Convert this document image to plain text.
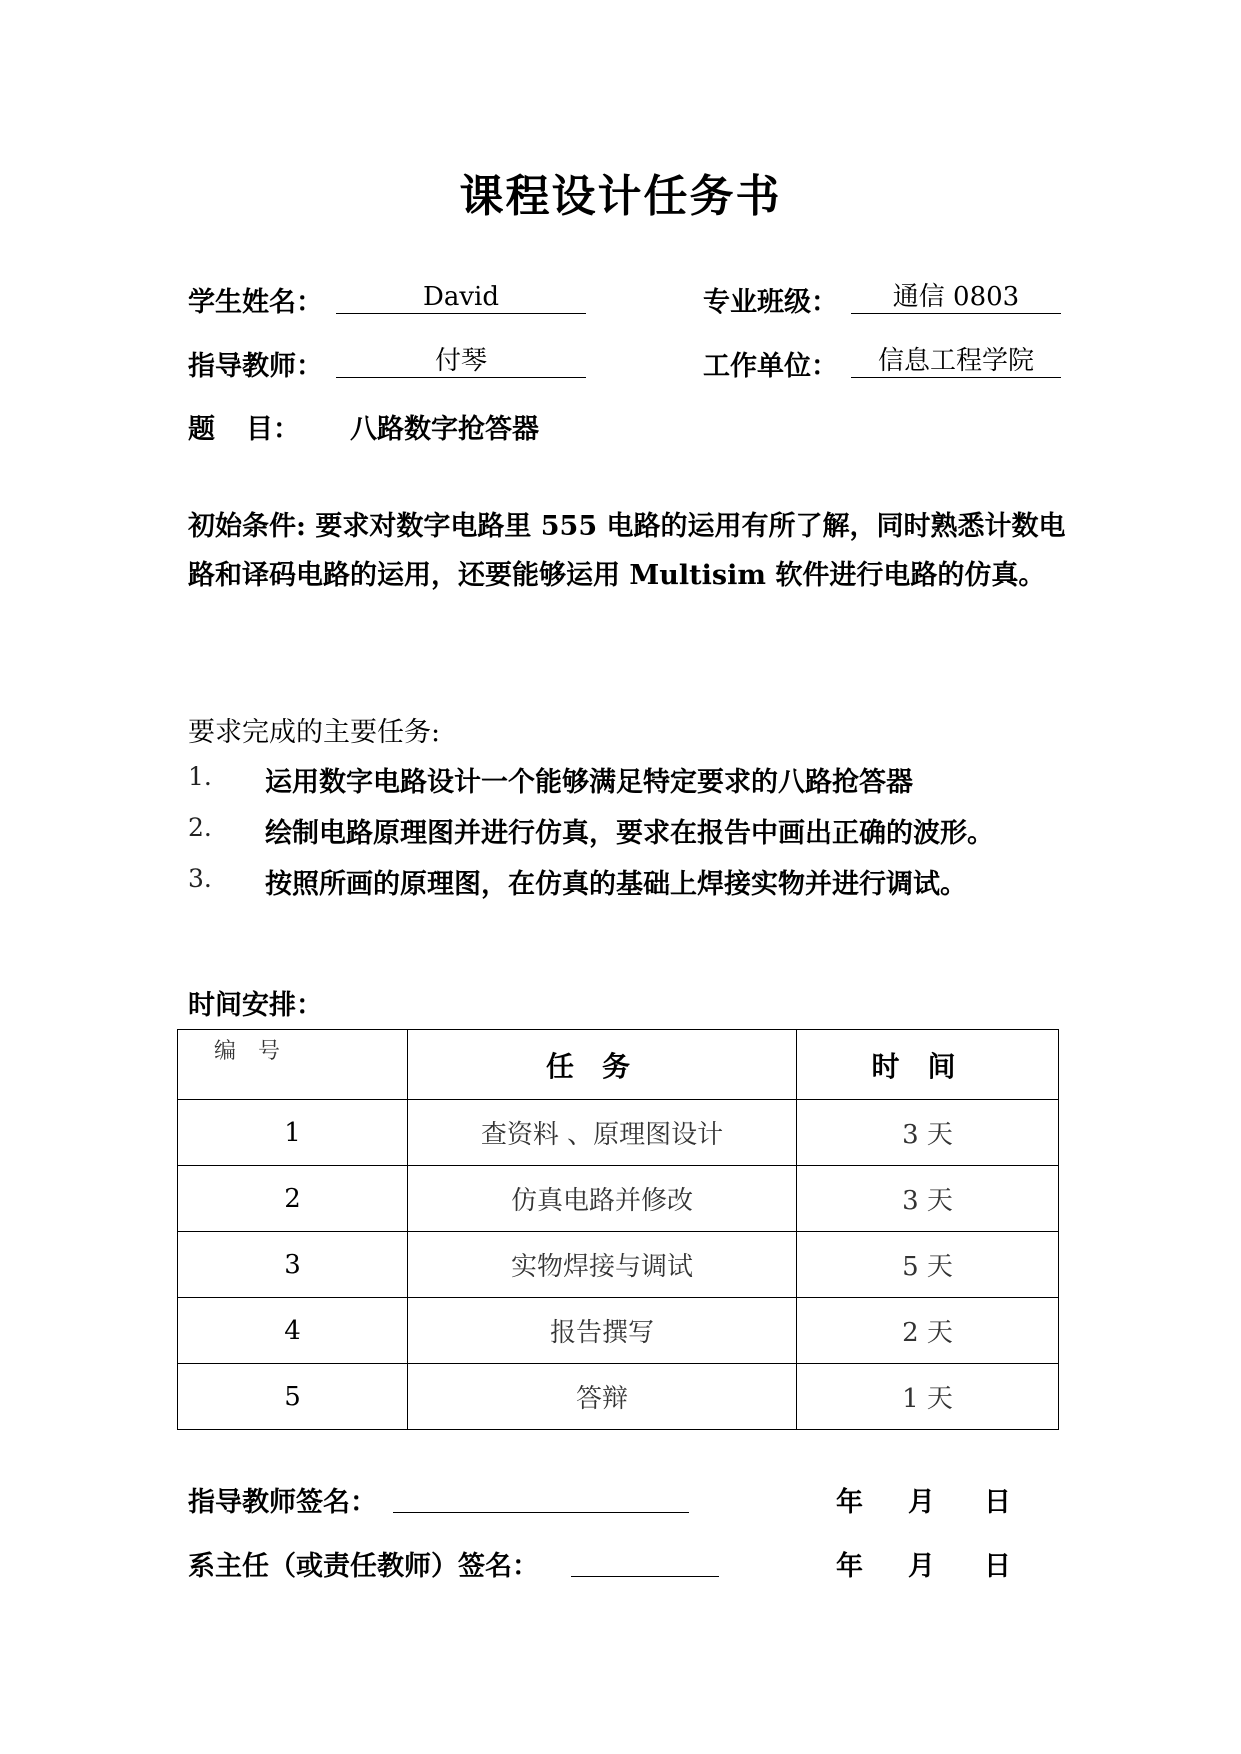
课程设计任务书
学生姓名：	David	专业班级：	通信 0803
指导教师：	付琴	工作单位：	信息工程学院
题 目： 八路数字抢答器
初始条件: 要求对数字电路里 555 电路的运用有所了解，同时熟悉计数电路和译码电路的运用，还要能够运用 Multisim 软件进行电路的仿真。
要求完成的主要任务:
1. 运用数字电路设计一个能够满足特定要求的八路抢答器
2. 绘制电路原理图并进行仿真，要求在报告中画出正确的波形。
3. 按照所画的原理图，在仿真的基础上焊接实物并进行调试。
时间安排：
编号	任务	时间
1	查资料 、原理图设计	3 天
2	仿真电路并修改	3 天
3	实物焊接与调试	5 天
4	报告撰写	2 天
5	答辩	1 天
指导教师签名：	年 月 日
系主任（或责任教师）签名：	年 月 日
